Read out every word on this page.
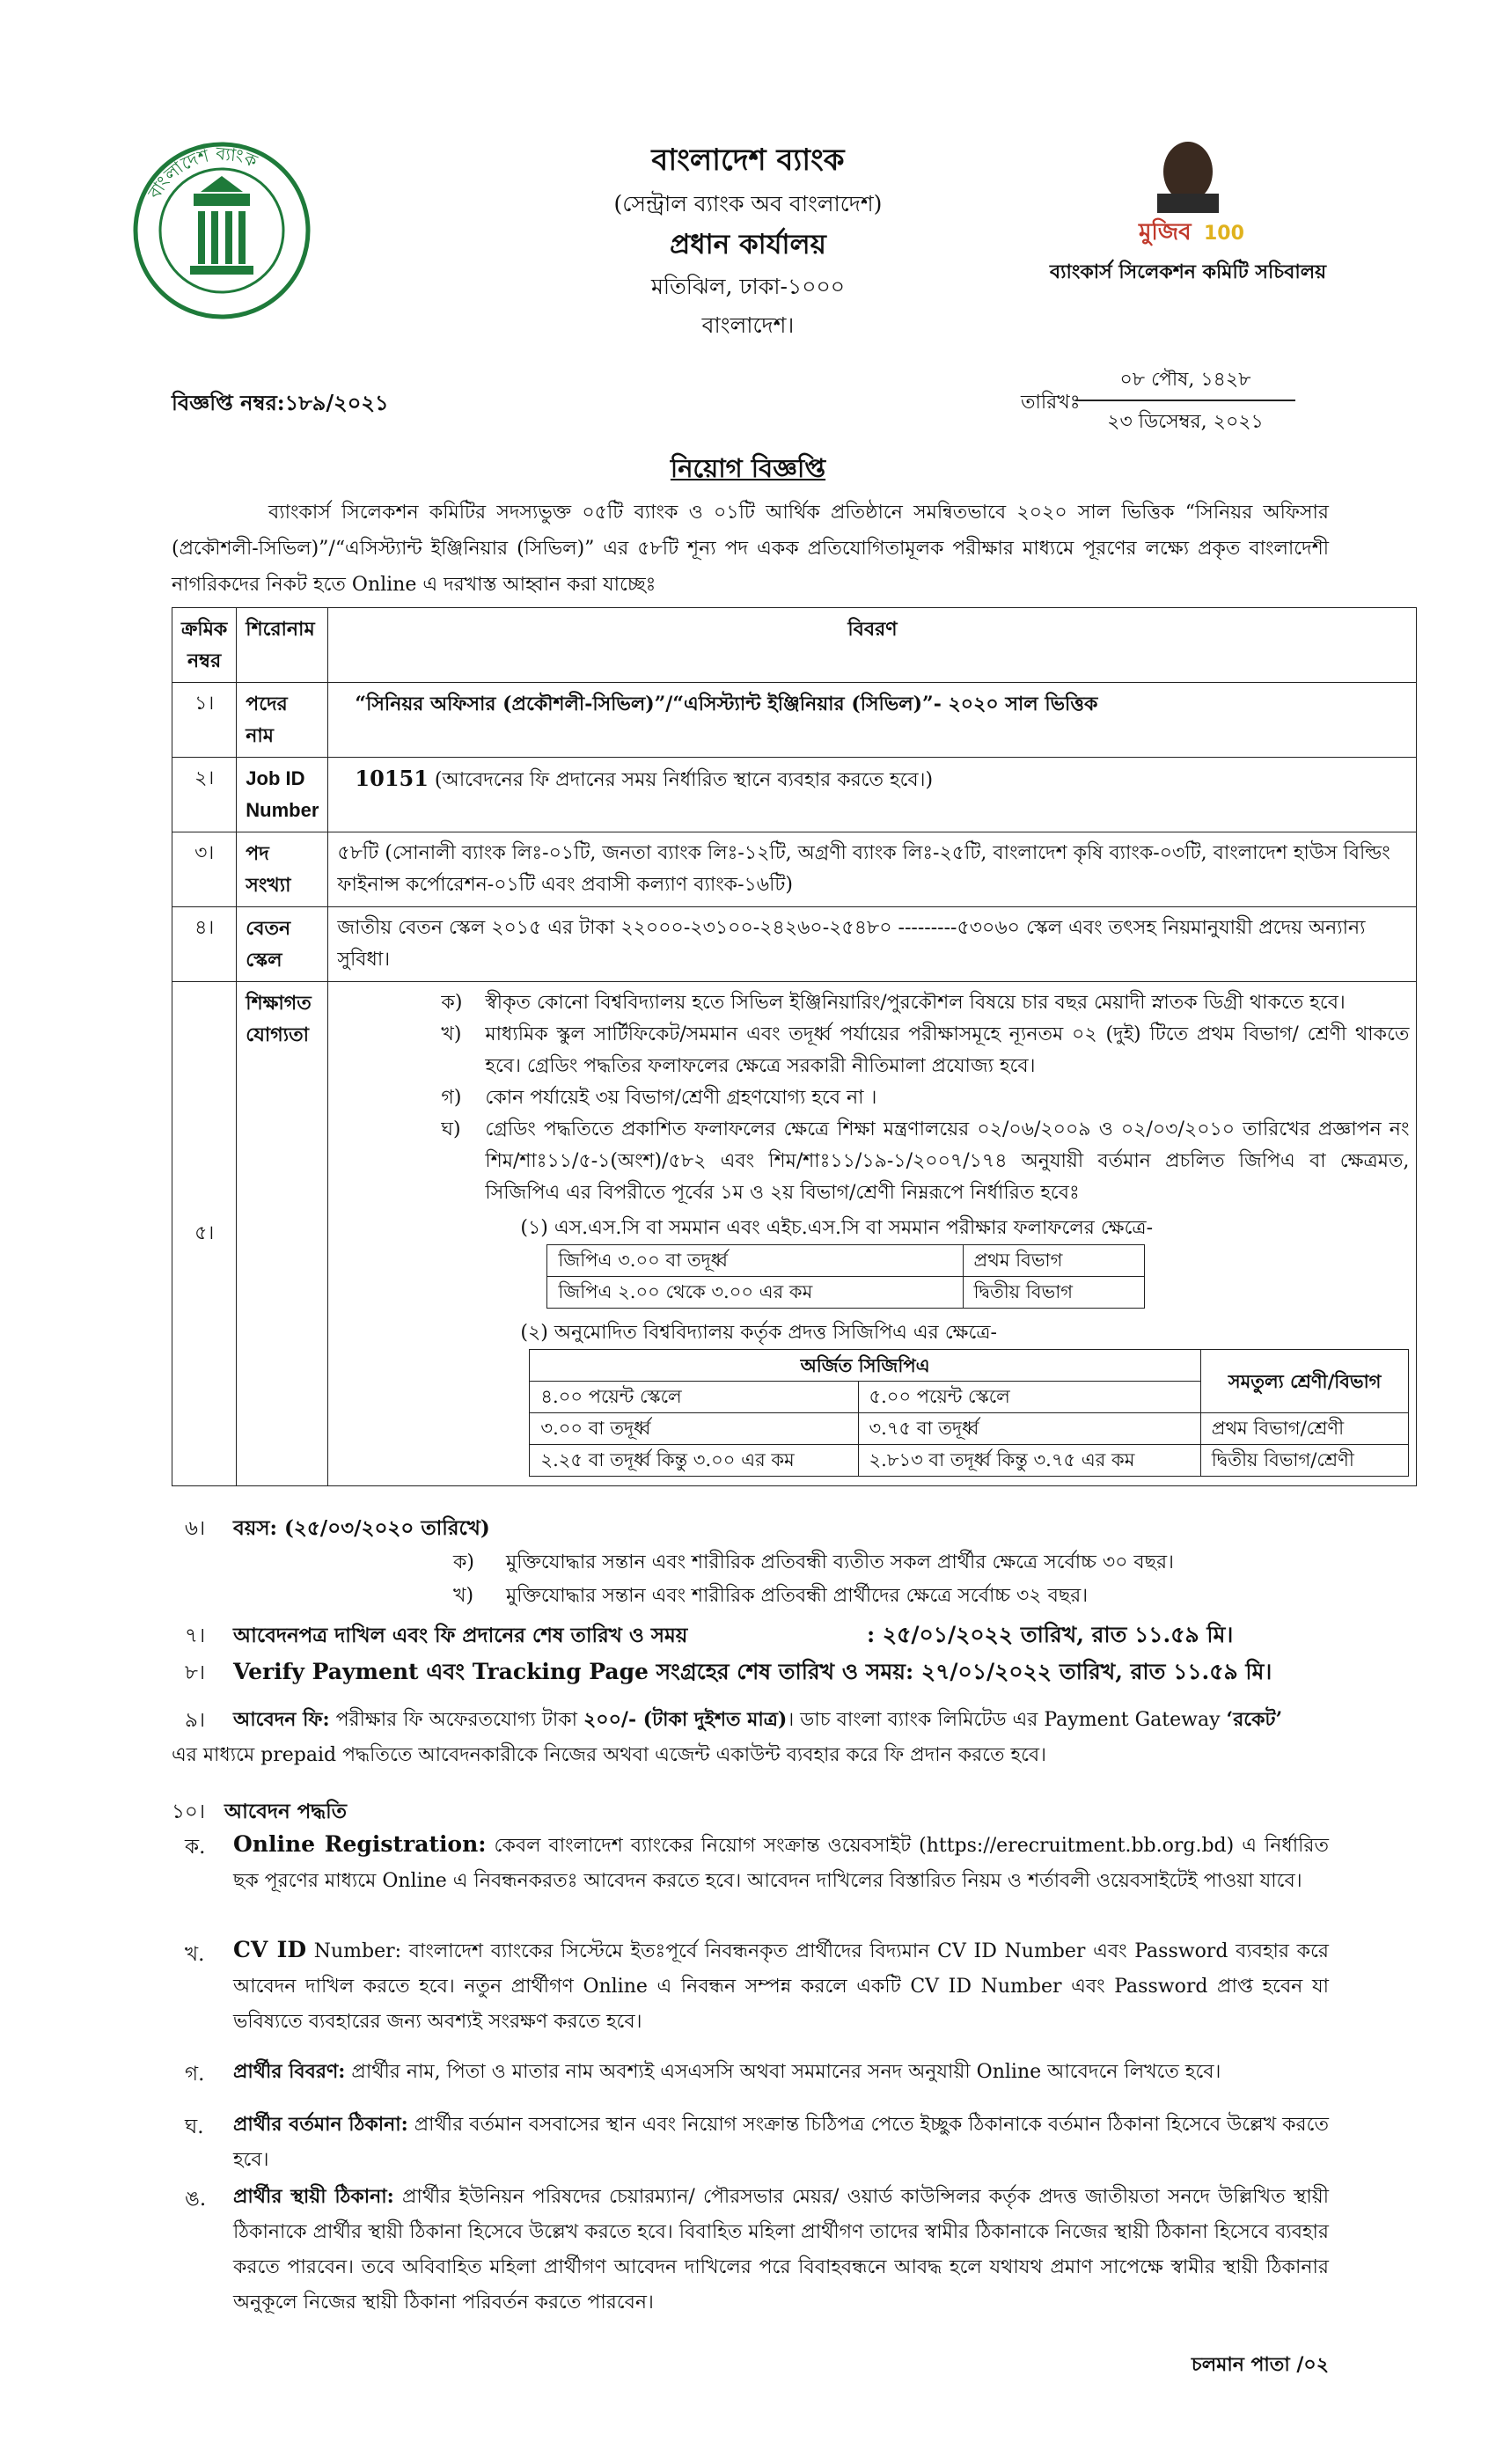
বাংলাদেশ ব্যাংক	বাংলাদেশ ব্যাংক
(সেন্ট্রাল ব্যাংক অব বাংলাদেশ)
প্রধান কার্যালয়
মতিঝিল, ঢাকা-১০০০
বাংলাদেশ।
মুজিব 100
ব্যাংকার্স সিলেকশন কমিটি সচিবালয়
বিজ্ঞপ্তি নম্বর:১৮৯/২০২১	তারিখঃ
০৮ পৌষ, ১৪২৮
২৩ ডিসেম্বর, ২০২১
নিয়োগ বিজ্ঞপ্তি
ব্যাংকার্স সিলেকশন কমিটির সদস্যভুক্ত ০৫টি ব্যাংক ও ০১টি আর্থিক প্রতিষ্ঠানে সমন্বিতভাবে ২০২০ সাল ভিত্তিক “সিনিয়র অফিসার (প্রকৌশলী-সিভিল)”/“এসিস্ট্যান্ট ইঞ্জিনিয়ার (সিভিল)” এর ৫৮টি শূন্য পদ একক প্রতিযোগিতামূলক পরীক্ষার মাধ্যমে পূরণের লক্ষ্যে প্রকৃত বাংলাদেশী নাগরিকদের নিকট হতে Online এ দরখাস্ত আহ্বান করা যাচ্ছেঃ
ক্রমিক নম্বর	শিরোনাম	বিবরণ
১।	পদের নাম	“সিনিয়র অফিসার (প্রকৌশলী-সিভিল)”/“এসিস্ট্যান্ট ইঞ্জিনিয়ার (সিভিল)”- ২০২০ সাল ভিত্তিক
২।	Job ID Number	10151 (আবেদনের ফি প্রদানের সময় নির্ধারিত স্থানে ব্যবহার করতে হবে।)
৩।	পদ সংখ্যা	৫৮টি (সোনালী ব্যাংক লিঃ-০১টি, জনতা ব্যাংক লিঃ-১২টি, অগ্রণী ব্যাংক লিঃ-২৫টি, বাংলাদেশ কৃষি ব্যাংক-০৩টি, বাংলাদেশ হাউস বিল্ডিং ফাইনান্স কর্পোরেশন-০১টি এবং প্রবাসী কল্যাণ ব্যাংক-১৬টি)
৪।	বেতন স্কেল	জাতীয় বেতন স্কেল ২০১৫ এর টাকা ২২০০০-২৩১০০-২৪২৬০-২৫৪৮০ ---------৫৩০৬০ স্কেল এবং তৎসহ নিয়মানুযায়ী প্রদেয় অন্যান্য সুবিধা।
৫।	শিক্ষাগত যোগ্যতা	
ক)	স্বীকৃত কোনো বিশ্ববিদ্যালয় হতে সিভিল ইঞ্জিনিয়ারিং/পুরকৌশল বিষয়ে চার বছর মেয়াদী স্নাতক ডিগ্রী থাকতে হবে।
খ)	মাধ্যমিক স্কুল সার্টিফিকেট/সমমান এবং তদূর্ধ্ব পর্যায়ের পরীক্ষাসমূহে ন্যূনতম ০২ (দুই) টিতে প্রথম বিভাগ/ শ্রেণী থাকতে হবে। গ্রেডিং পদ্ধতির ফলাফলের ক্ষেত্রে সরকারী নীতিমালা প্রযোজ্য হবে।
গ)	কোন পর্যায়েই ৩য় বিভাগ/শ্রেণী গ্রহণযোগ্য হবে না ।
ঘ)	গ্রেডিং পদ্ধতিতে প্রকাশিত ফলাফলের ক্ষেত্রে শিক্ষা মন্ত্রণালয়ের ০২/০৬/২০০৯ ও ০২/০৩/২০১০ তারিখের প্রজ্ঞাপন নং শিম/শাঃ১১/৫-১(অংশ)/৫৮২ এবং শিম/শাঃ১১/১৯-১/২০০৭/১৭৪ অনুযায়ী বর্তমান প্রচলিত জিপিএ বা ক্ষেত্রমত, সিজিপিএ এর বিপরীতে পূর্বের ১ম ও ২য় বিভাগ/শ্রেণী নিম্নরূপে নির্ধারিত হবেঃ
(১) এস.এস.সি বা সমমান এবং এইচ.এস.সি বা সমমান পরীক্ষার ফলাফলের ক্ষেত্রে-
জিপিএ ৩.০০ বা তদূর্ধ্ব	প্রথম বিভাগ
জিপিএ ২.০০ থেকে ৩.০০ এর কম	দ্বিতীয় বিভাগ
(২) অনুমোদিত বিশ্ববিদ্যালয় কর্তৃক প্রদত্ত সিজিপিএ এর ক্ষেত্রে-
অর্জিত সিজিপিএ	সমতুল্য শ্রেণী/বিভাগ
৪.০০ পয়েন্ট স্কেলে	৫.০০ পয়েন্ট স্কেলে
৩.০০ বা তদূর্ধ্ব	৩.৭৫ বা তদূর্ধ্ব	প্রথম বিভাগ/শ্রেণী
২.২৫ বা তদূর্ধ্ব কিন্তু ৩.০০ এর কম	২.৮১৩ বা তদূর্ধ্ব কিন্তু ৩.৭৫ এর কম	দ্বিতীয় বিভাগ/শ্রেণী
৬। বয়স: (২৫/০৩/২০২০ তারিখে)
ক) মুক্তিযোদ্ধার সন্তান এবং শারীরিক প্রতিবন্ধী ব্যতীত সকল প্রার্থীর ক্ষেত্রে সর্বোচ্চ ৩০ বছর।
খ) মুক্তিযোদ্ধার সন্তান এবং শারীরিক প্রতিবন্ধী প্রার্থীদের ক্ষেত্রে সর্বোচ্চ ৩২ বছর।
৭। আবেদনপত্র দাখিল এবং ফি প্রদানের শেষ তারিখ ও সময়	: ২৫/০১/২০২২ তারিখ, রাত ১১.৫৯ মি।
৮। Verify Payment এবং Tracking Page সংগ্রহের শেষ তারিখ ও সময়: ২৭/০১/২০২২ তারিখ, রাত ১১.৫৯ মি।
৯। আবেদন ফি: পরীক্ষার ফি অফেরতযোগ্য টাকা ২০০/- (টাকা দুইশত মাত্র)। ডাচ বাংলা ব্যাংক লিমিটেড এর Payment Gateway ‘রকেট’
এর মাধ্যমে prepaid পদ্ধতিতে আবেদনকারীকে নিজের অথবা এজেন্ট একাউন্ট ব্যবহার করে ফি প্রদান করতে হবে।
১০। আবেদন পদ্ধতি
ক. Online Registration: কেবল বাংলাদেশ ব্যাংকের নিয়োগ সংক্রান্ত ওয়েবসাইট (https://erecruitment.bb.org.bd) এ নির্ধারিত ছক পূরণের মাধ্যমে Online এ নিবন্ধনকরতঃ আবেদন করতে হবে। আবেদন দাখিলের বিস্তারিত নিয়ম ও শর্তাবলী ওয়েবসাইটেই পাওয়া যাবে।
খ. CV ID Number: বাংলাদেশ ব্যাংকের সিস্টেমে ইতঃপূর্বে নিবন্ধনকৃত প্রার্থীদের বিদ্যমান CV ID Number এবং Password ব্যবহার করে আবেদন দাখিল করতে হবে। নতুন প্রার্থীগণ Online এ নিবন্ধন সম্পন্ন করলে একটি CV ID Number এবং Password প্রাপ্ত হবেন যা ভবিষ্যতে ব্যবহারের জন্য অবশ্যই সংরক্ষণ করতে হবে।
গ. প্রার্থীর বিবরণ: প্রার্থীর নাম, পিতা ও মাতার নাম অবশ্যই এসএসসি অথবা সমমানের সনদ অনুযায়ী Online আবেদনে লিখতে হবে।
ঘ. প্রার্থীর বর্তমান ঠিকানা: প্রার্থীর বর্তমান বসবাসের স্থান এবং নিয়োগ সংক্রান্ত চিঠিপত্র পেতে ইচ্ছুক ঠিকানাকে বর্তমান ঠিকানা হিসেবে উল্লেখ করতে হবে।
ঙ. প্রার্থীর স্থায়ী ঠিকানা: প্রার্থীর ইউনিয়ন পরিষদের চেয়ারম্যান/ পৌরসভার মেয়র/ ওয়ার্ড কাউন্সিলর কর্তৃক প্রদত্ত জাতীয়তা সনদে উল্লিখিত স্থায়ী ঠিকানাকে প্রার্থীর স্থায়ী ঠিকানা হিসেবে উল্লেখ করতে হবে। বিবাহিত মহিলা প্রার্থীগণ তাদের স্বামীর ঠিকানাকে নিজের স্থায়ী ঠিকানা হিসেবে ব্যবহার করতে পারবেন। তবে অবিবাহিত মহিলা প্রার্থীগণ আবেদন দাখিলের পরে বিবাহবন্ধনে আবদ্ধ হলে যথাযথ প্রমাণ সাপেক্ষে স্বামীর স্থায়ী ঠিকানার অনুকূলে নিজের স্থায়ী ঠিকানা পরিবর্তন করতে পারবেন।
চলমান পাতা /০২
